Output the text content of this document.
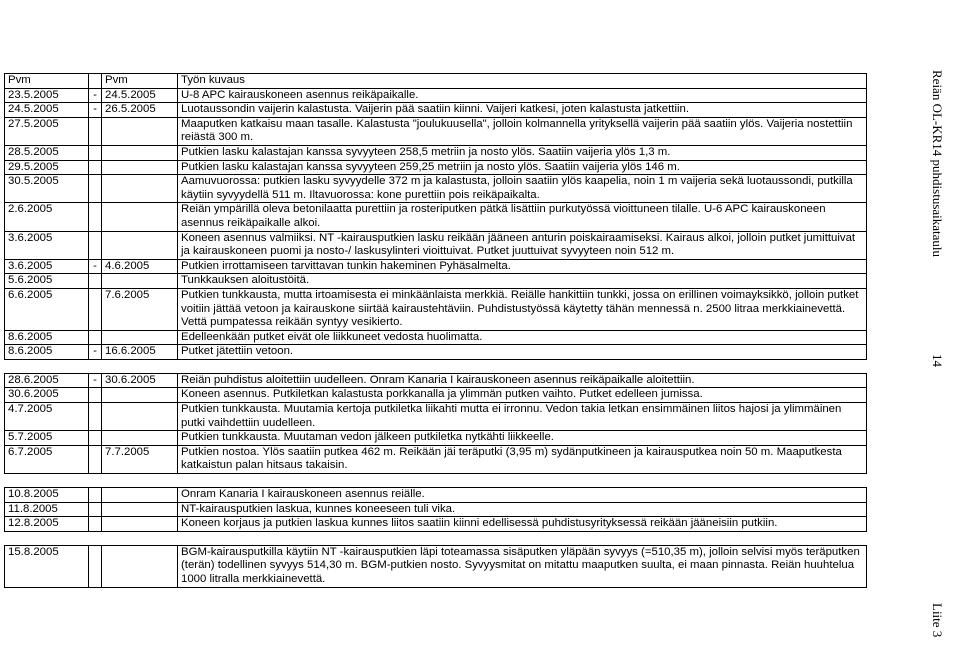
Pvm		Pvm	Työn kuvaus
23.5.2005	-	24.5.2005	U-8 APC kairauskoneen asennus reikäpaikalle.
24.5.2005	-	26.5.2005	Luotaussondin vaijerin kalastusta. Vaijerin pää saatiin kiinni. Vaijeri katkesi, joten kalastusta jatkettiin.
27.5.2005			Maaputken katkaisu maan tasalle. Kalastusta "joulukuusella", jolloin kolmannella yrityksellä vaijerin pää saatiin ylös. Vaijeria nostettiin reiästä 300 m.
28.5.2005			Putkien lasku kalastajan kanssa syvyyteen 258,5 metriin ja nosto ylös. Saatiin vaijeria ylös 1,3 m.
29.5.2005			Putkien lasku kalastajan kanssa syvyyteen 259,25 metriin ja nosto ylös. Saatiin vaijeria ylös 146 m.
30.5.2005			Aamuvuorossa: putkien lasku syvyydelle 372 m ja kalastusta, jolloin saatiin ylös kaapelia, noin 1 m vaijeria sekä luotaussondi, putkilla käytiin syvyydellä 511 m. Iltavuorossa: kone purettiin pois reikäpaikalta.
2.6.2005			Reiän ympärillä oleva betonilaatta purettiin ja rosteriputken pätkä lisättiin purkutyössä vioittuneen tilalle. U-6 APC kairauskoneen asennus reikäpaikalle alkoi.
3.6.2005			Koneen asennus valmiiksi. NT -kairausputkien lasku reikään jääneen anturin poiskairaamiseksi. Kairaus alkoi, jolloin putket jumittuivat ja kairauskoneen puomi ja nosto-/ laskusylinteri vioittuivat. Putket juuttuivat syvyyteen noin 512 m.
3.6.2005	-	4.6.2005	Putkien irrottamiseen tarvittavan tunkin hakeminen Pyhäsalmelta.
5.6.2005			Tunkkauksen aloitustöitä.
6.6.2005		7.6.2005	Putkien tunkkausta, mutta irtoamisesta ei minkäänlaista merkkiä. Reiälle hankittiin tunkki, jossa on erillinen voimayksikkö, jolloin putket voitiin jättää vetoon ja kairauskone siirtää kairaustehtäviin. Puhdistustyössä käytetty tähän mennessä n. 2500 litraa merkkiainevettä. Vettä pumpatessa reikään syntyy vesikierto.
8.6.2005			Edelleenkään putket eivät ole liikkuneet vedosta huolimatta.
8.6.2005	-	16.6.2005	Putket jätettiin vetoon.

28.6.2005	-	30.6.2005	Reiän puhdistus aloitettiin uudelleen. Onram Kanaria I kairauskoneen asennus reikäpaikalle aloitettiin.
30.6.2005			Koneen asennus. Putkiletkan kalastusta porkkanalla ja ylimmän putken vaihto. Putket edelleen jumissa.
4.7.2005			Putkien tunkkausta. Muutamia kertoja putkiletka liikahti mutta ei irronnu. Vedon takia letkan ensimmäinen liitos hajosi ja ylimmäinen putki vaihdettiin uudelleen.
5.7.2005			Putkien tunkkausta. Muutaman vedon jälkeen putkiletka nytkähti liikkeelle.
6.7.2005		7.7.2005	Putkien nostoa. Ylös saatiin putkea 462 m. Reikään jäi teräputki (3,95 m) sydänputkineen ja kairausputkea noin 50 m. Maaputkesta katkaistun palan hitsaus takaisin.

10.8.2005			Onram Kanaria I kairauskoneen asennus reiälle.
11.8.2005			NT-kairausputkien laskua, kunnes koneeseen tuli vika.
12.8.2005			Koneen korjaus ja putkien laskua kunnes liitos saatiin kiinni edellisessä puhdistusyrityksessä reikään jääneisiin putkiin.

15.8.2005			BGM-kairausputkilla käytiin NT -kairausputkien läpi toteamassa sisäputken yläpään syvyys (=510,35 m), jolloin selvisi myös teräputken (terän) todellinen syvyys 514,30 m. BGM-putkien nosto. Syvyysmitat on mitattu maaputken suulta, ei maan pinnasta. Reiän huuhtelua 1000 litralla merkkiainevettä.
Reiän OL-KR14 puhdistusaikataulu
14
Liite 3
